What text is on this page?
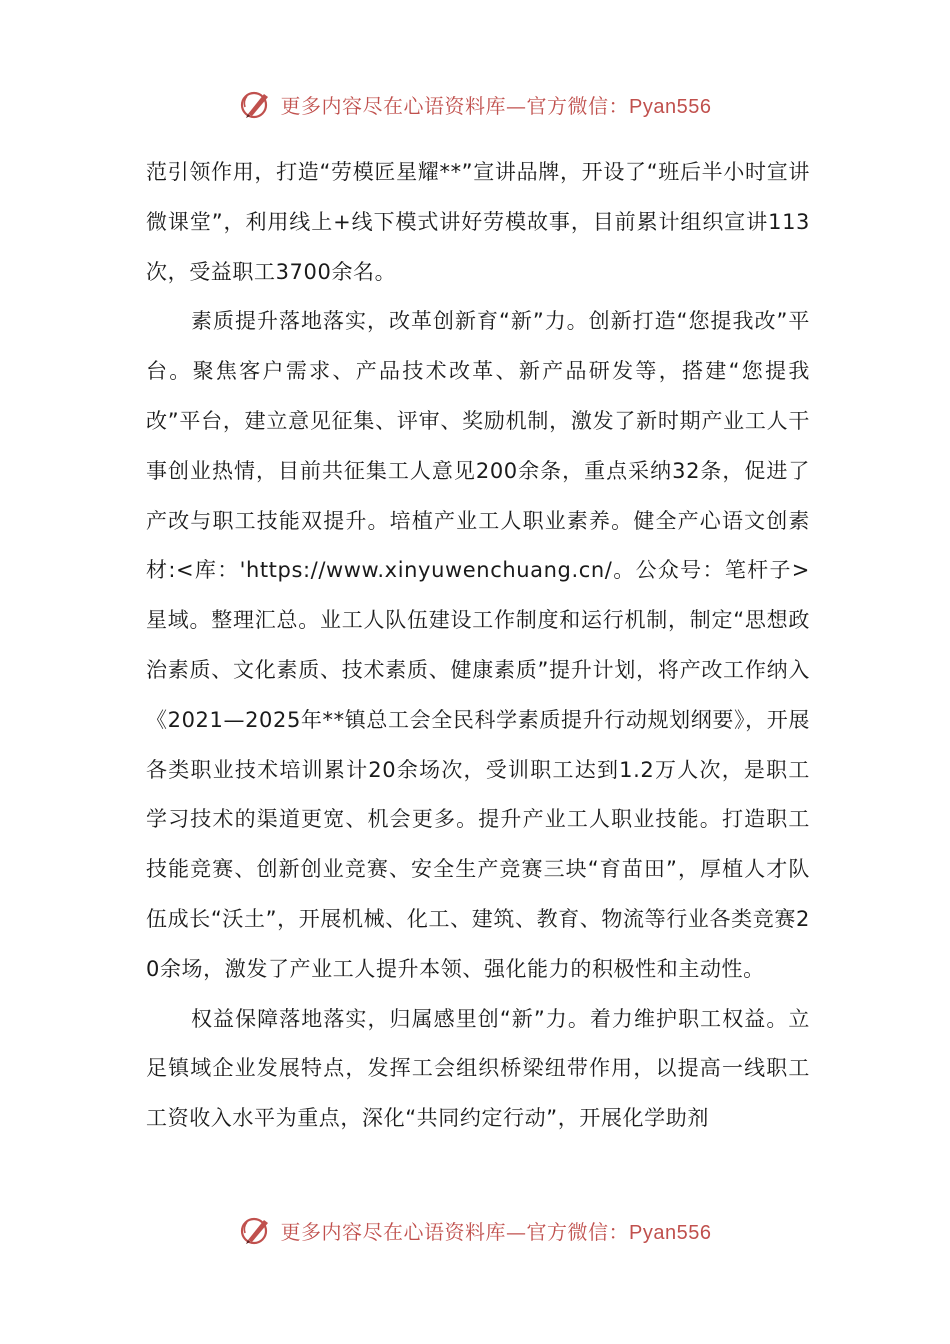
更多内容尽在心语资料库—官方微信：Pyan556

范引领作用，打造“劳模匠星耀**”宣讲品牌，开设了“班后半小时宣讲微课堂”，利用线上+线下模式讲好劳模故事，目前累计组织宣讲113次，受益职工3700余名。

素质提升落地落实，改革创新育“新”力。创新打造“您提我改”平台。聚焦客户需求、产品技术改革、新产品研发等，搭建“您提我改”平台，建立意见征集、评审、奖励机制，激发了新时期产业工人干事创业热情，目前共征集工人意见200余条，重点采纳32条，促进了产改与职工技能双提升。培植产业工人职业素养。健全产心语文创素材:<库：'https://www.xinyuwenchuang.cn/。公众号：笔杆子>星域。整理汇总。业工人队伍建设工作制度和运行机制，制定“思想政治素质、文化素质、技术素质、健康素质”提升计划，将产改工作纳入《2021—2025年**镇总工会全民科学素质提升行动规划纲要》，开展各类职业技术培训累计20余场次，受训职工达到1.2万人次，是职工学习技术的渠道更宽、机会更多。提升产业工人职业技能。打造职工技能竞赛、创新创业竞赛、安全生产竞赛三块“育苗田”，厚植人才队伍成长“沃土”，开展机械、化工、建筑、教育、物流等行业各类竞赛20余场，激发了产业工人提升本领、强化能力的积极性和主动性。

权益保障落地落实，归属感里创“新”力。着力维护职工权益。立足镇域企业发展特点，发挥工会组织桥梁纽带作用，以提高一线职工工资收入水平为重点，深化“共同约定行动”，开展化学助剂

更多内容尽在心语资料库—官方微信：Pyan556
